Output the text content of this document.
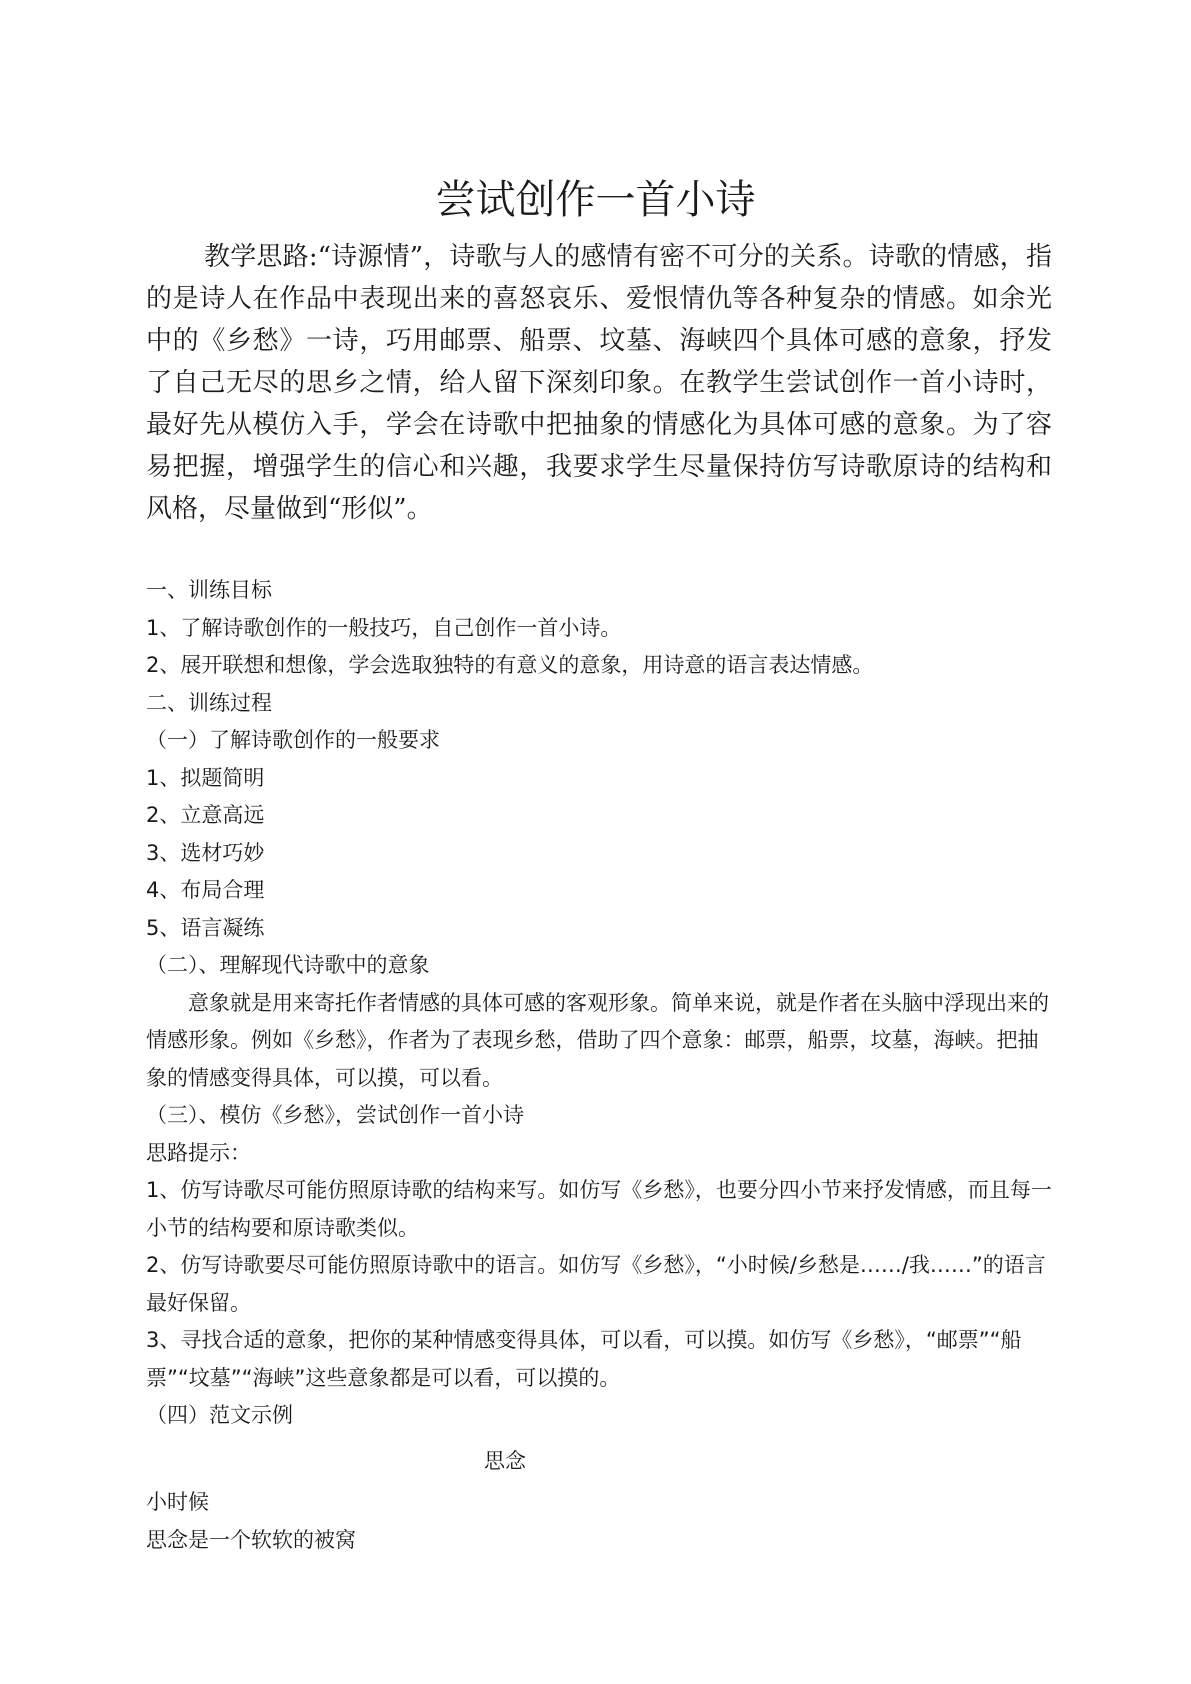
尝试创作一首小诗

教学思路:“诗源情”，诗歌与人的感情有密不可分的关系。诗歌的情感，指的是诗人在作品中表现出来的喜怒哀乐、爱恨情仇等各种复杂的情感。如余光中的《乡愁》一诗，巧用邮票、船票、坟墓、海峡四个具体可感的意象，抒发了自己无尽的思乡之情，给人留下深刻印象。在教学生尝试创作一首小诗时，最好先从模仿入手，学会在诗歌中把抽象的情感化为具体可感的意象。为了容易把握，增强学生的信心和兴趣，我要求学生尽量保持仿写诗歌原诗的结构和风格，尽量做到“形似”。

一、训练目标

1、了解诗歌创作的一般技巧，自己创作一首小诗。

2、展开联想和想像，学会选取独特的有意义的意象，用诗意的语言表达情感。

二、训练过程

（一）了解诗歌创作的一般要求

1、拟题简明

2、立意高远

3、选材巧妙

4、布局合理

5、语言凝练

（二）、理解现代诗歌中的意象

意象就是用来寄托作者情感的具体可感的客观形象。简单来说，就是作者在头脑中浮现出来的情感形象。例如《乡愁》，作者为了表现乡愁，借助了四个意象：邮票，船票，坟墓，海峡。把抽象的情感变得具体，可以摸，可以看。

（三）、模仿《乡愁》，尝试创作一首小诗

思路提示：

1、仿写诗歌尽可能仿照原诗歌的结构来写。如仿写《乡愁》，也要分四小节来抒发情感，而且每一小节的结构要和原诗歌类似。

2、仿写诗歌要尽可能仿照原诗歌中的语言。如仿写《乡愁》，“小时候/乡愁是……/我……”的语言最好保留。

3、寻找合适的意象，把你的某种情感变得具体，可以看，可以摸。如仿写《乡愁》，“邮票”“船票”“坟墓”“海峡”这些意象都是可以看，可以摸的。

（四）范文示例

思念

小时候

思念是一个软软的被窝
